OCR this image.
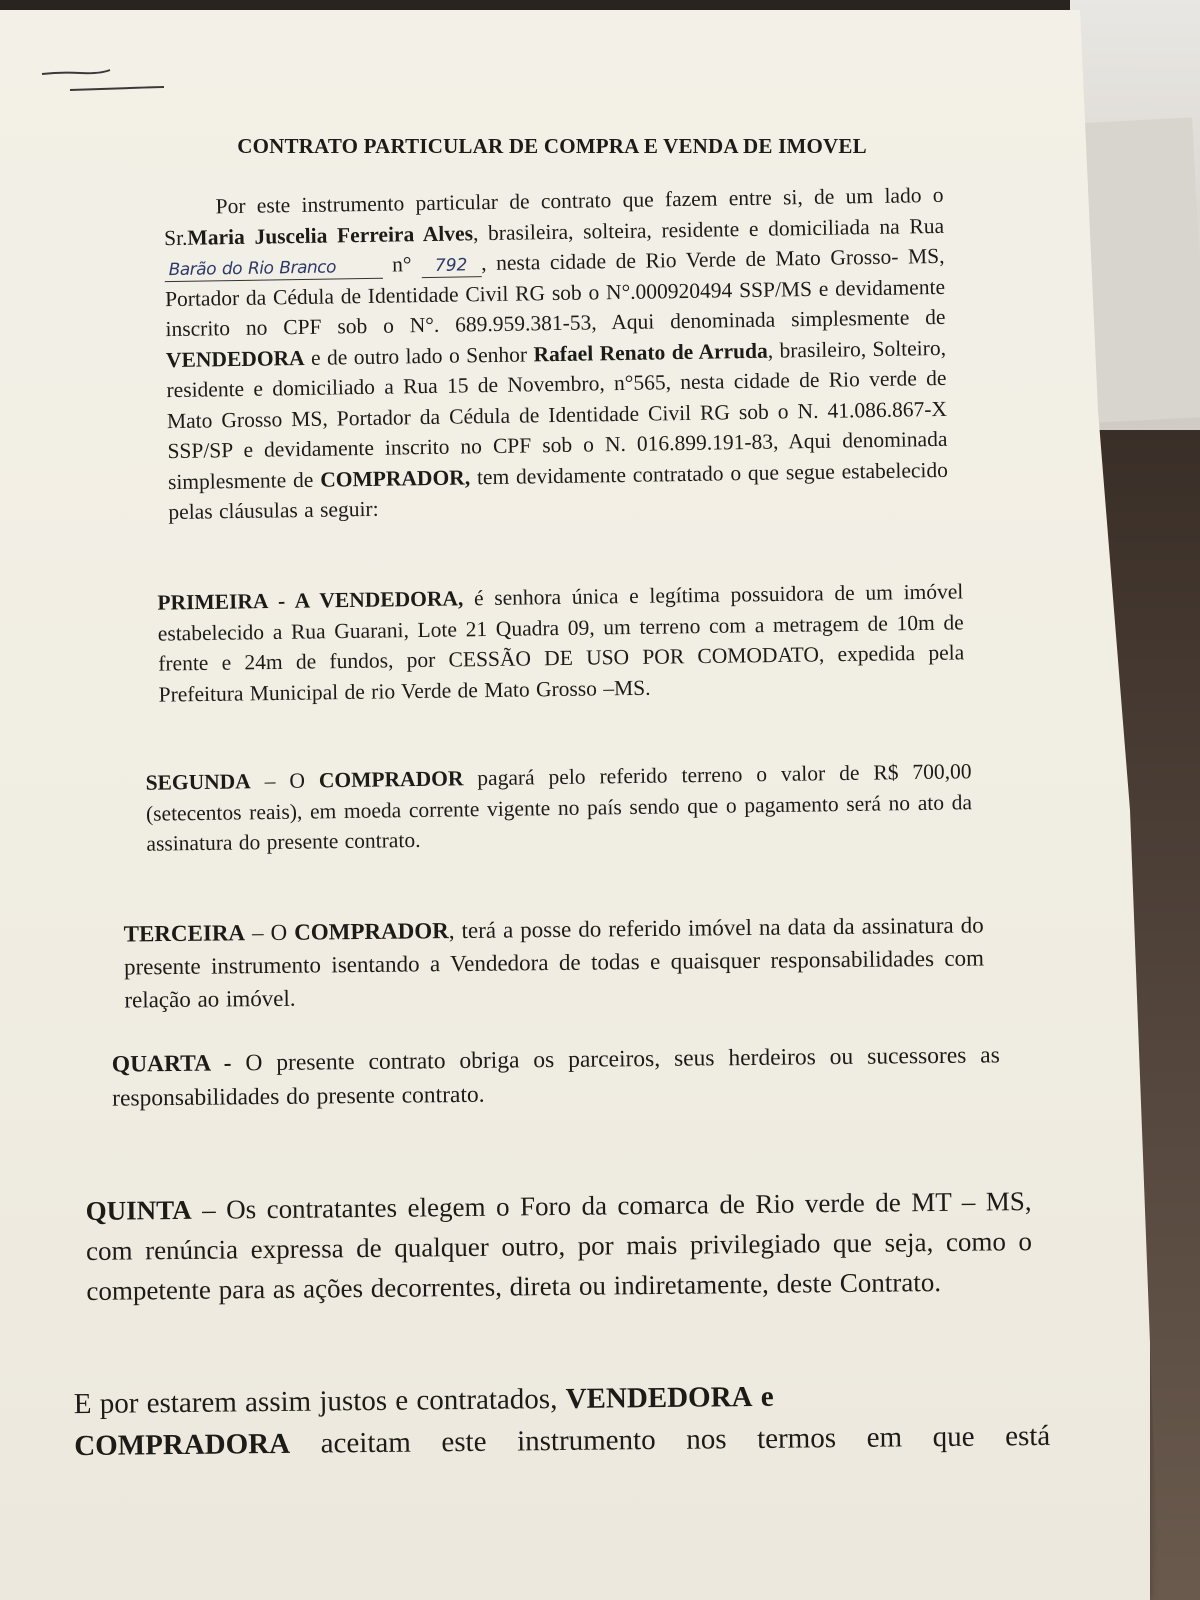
CONTRATO PARTICULAR DE COMPRA E VENDA DE IMOVEL
Por este instrumento particular de contrato que fazem entre si, de um lado o Sr.Maria Juscelia Ferreira Alves, brasileira, solteira, residente e domiciliada na Rua Barão do Rio Branco	n° 792 , nesta cidade de Rio Verde de Mato Grosso- MS, Portador da Cédula de Identidade Civil RG sob o N°.000920494 SSP/MS e devidamente inscrito no CPF sob o N°. 689.959.381-53, Aqui denominada simplesmente de VENDEDORA e de outro lado o Senhor Rafael Renato de Arruda, brasileiro, Solteiro, residente e domiciliado a Rua 15 de Novembro, n°565, nesta cidade de Rio verde de Mato Grosso MS, Portador da Cédula de Identidade Civil RG sob o N. 41.086.867-X SSP/SP e devidamente inscrito no CPF sob o N. 016.899.191-83, Aqui denominada simplesmente de COMPRADOR, tem devidamente contratado o que segue estabelecido pelas cláusulas a seguir:
PRIMEIRA - A VENDEDORA, é senhora única e legítima possuidora de um imóvel estabelecido a Rua Guarani, Lote 21 Quadra 09, um terreno com a metragem de 10m de frente e 24m de fundos, por CESSÃO DE USO POR COMODATO, expedida pela Prefeitura Municipal de rio Verde de Mato Grosso –MS.
SEGUNDA – O COMPRADOR pagará pelo referido terreno o valor de R$ 700,00 (setecentos reais), em moeda corrente vigente no país sendo que o pagamento será no ato da assinatura do presente contrato.
TERCEIRA – O COMPRADOR, terá a posse do referido imóvel na data da assinatura do presente instrumento isentando a Vendedora de todas e quaisquer responsabilidades com relação ao imóvel.
QUARTA - O presente contrato obriga os parceiros, seus herdeiros ou sucessores as responsabilidades do presente contrato.
QUINTA – Os contratantes elegem o Foro da comarca de Rio verde de MT – MS, com renúncia expressa de qualquer outro, por mais privilegiado que seja, como o competente para as ações decorrentes, direta ou indiretamente, deste Contrato.
E por estarem assim justos e contratados, VENDEDORA e
COMPRADORA aceitam este instrumento nos termos em que está
